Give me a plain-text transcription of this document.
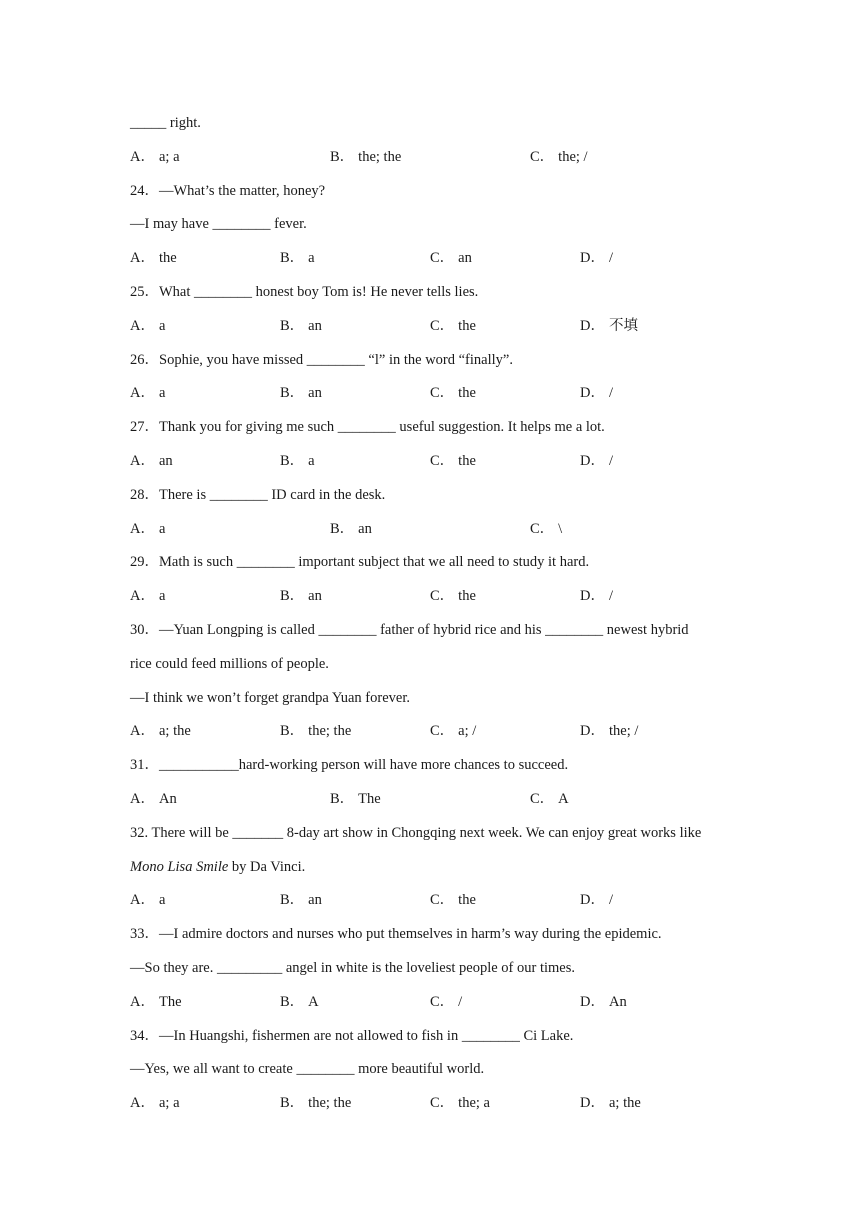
_____ right.
A． a; a	B． the; the	C． the; /
24．—What’s the matter, honey?
—I may have ________ fever.
A． the	B． a	C． an	D． /
25．What ________ honest boy Tom is! He never tells lies.
A． a	B． an	C． the	D． 不填
26．Sophie, you have missed ________ “l” in the word “finally”.
A． a	B． an	C． the	D． /
27．Thank you for giving me such ________ useful suggestion. It helps me a lot.
A． an	B． a	C． the	D． /
28．There is ________ ID card in the desk.
A． a	B． an	C． \
29．Math is such ________ important subject that we all need to study it hard.
A． a	B． an	C． the	D． /
30．—Yuan Longping is called ________ father of hybrid rice and his ________ newest hybrid
rice could feed millions of people.
—I think we won’t forget grandpa Yuan forever.
A． a; the	B． the; the	C． a; /	D． the; /
31．___________hard-working person will have more chances to succeed.
A． An	B． The	C． A
32. There will be _______ 8-day art show in Chongqing next week. We can enjoy great works like
Mono Lisa Smile by Da Vinci.
A． a	B． an	C． the	D． /
33．—I admire doctors and nurses who put themselves in harm’s way during the epidemic.
—So they are. _________ angel in white is the loveliest people of our times.
A． The	B． A	C． /	D． An
34．—In Huangshi, fishermen are not allowed to fish in ________ Ci Lake.
—Yes, we all want to create ________ more beautiful world.
A． a; a	B． the; the	C． the; a	D． a; the
